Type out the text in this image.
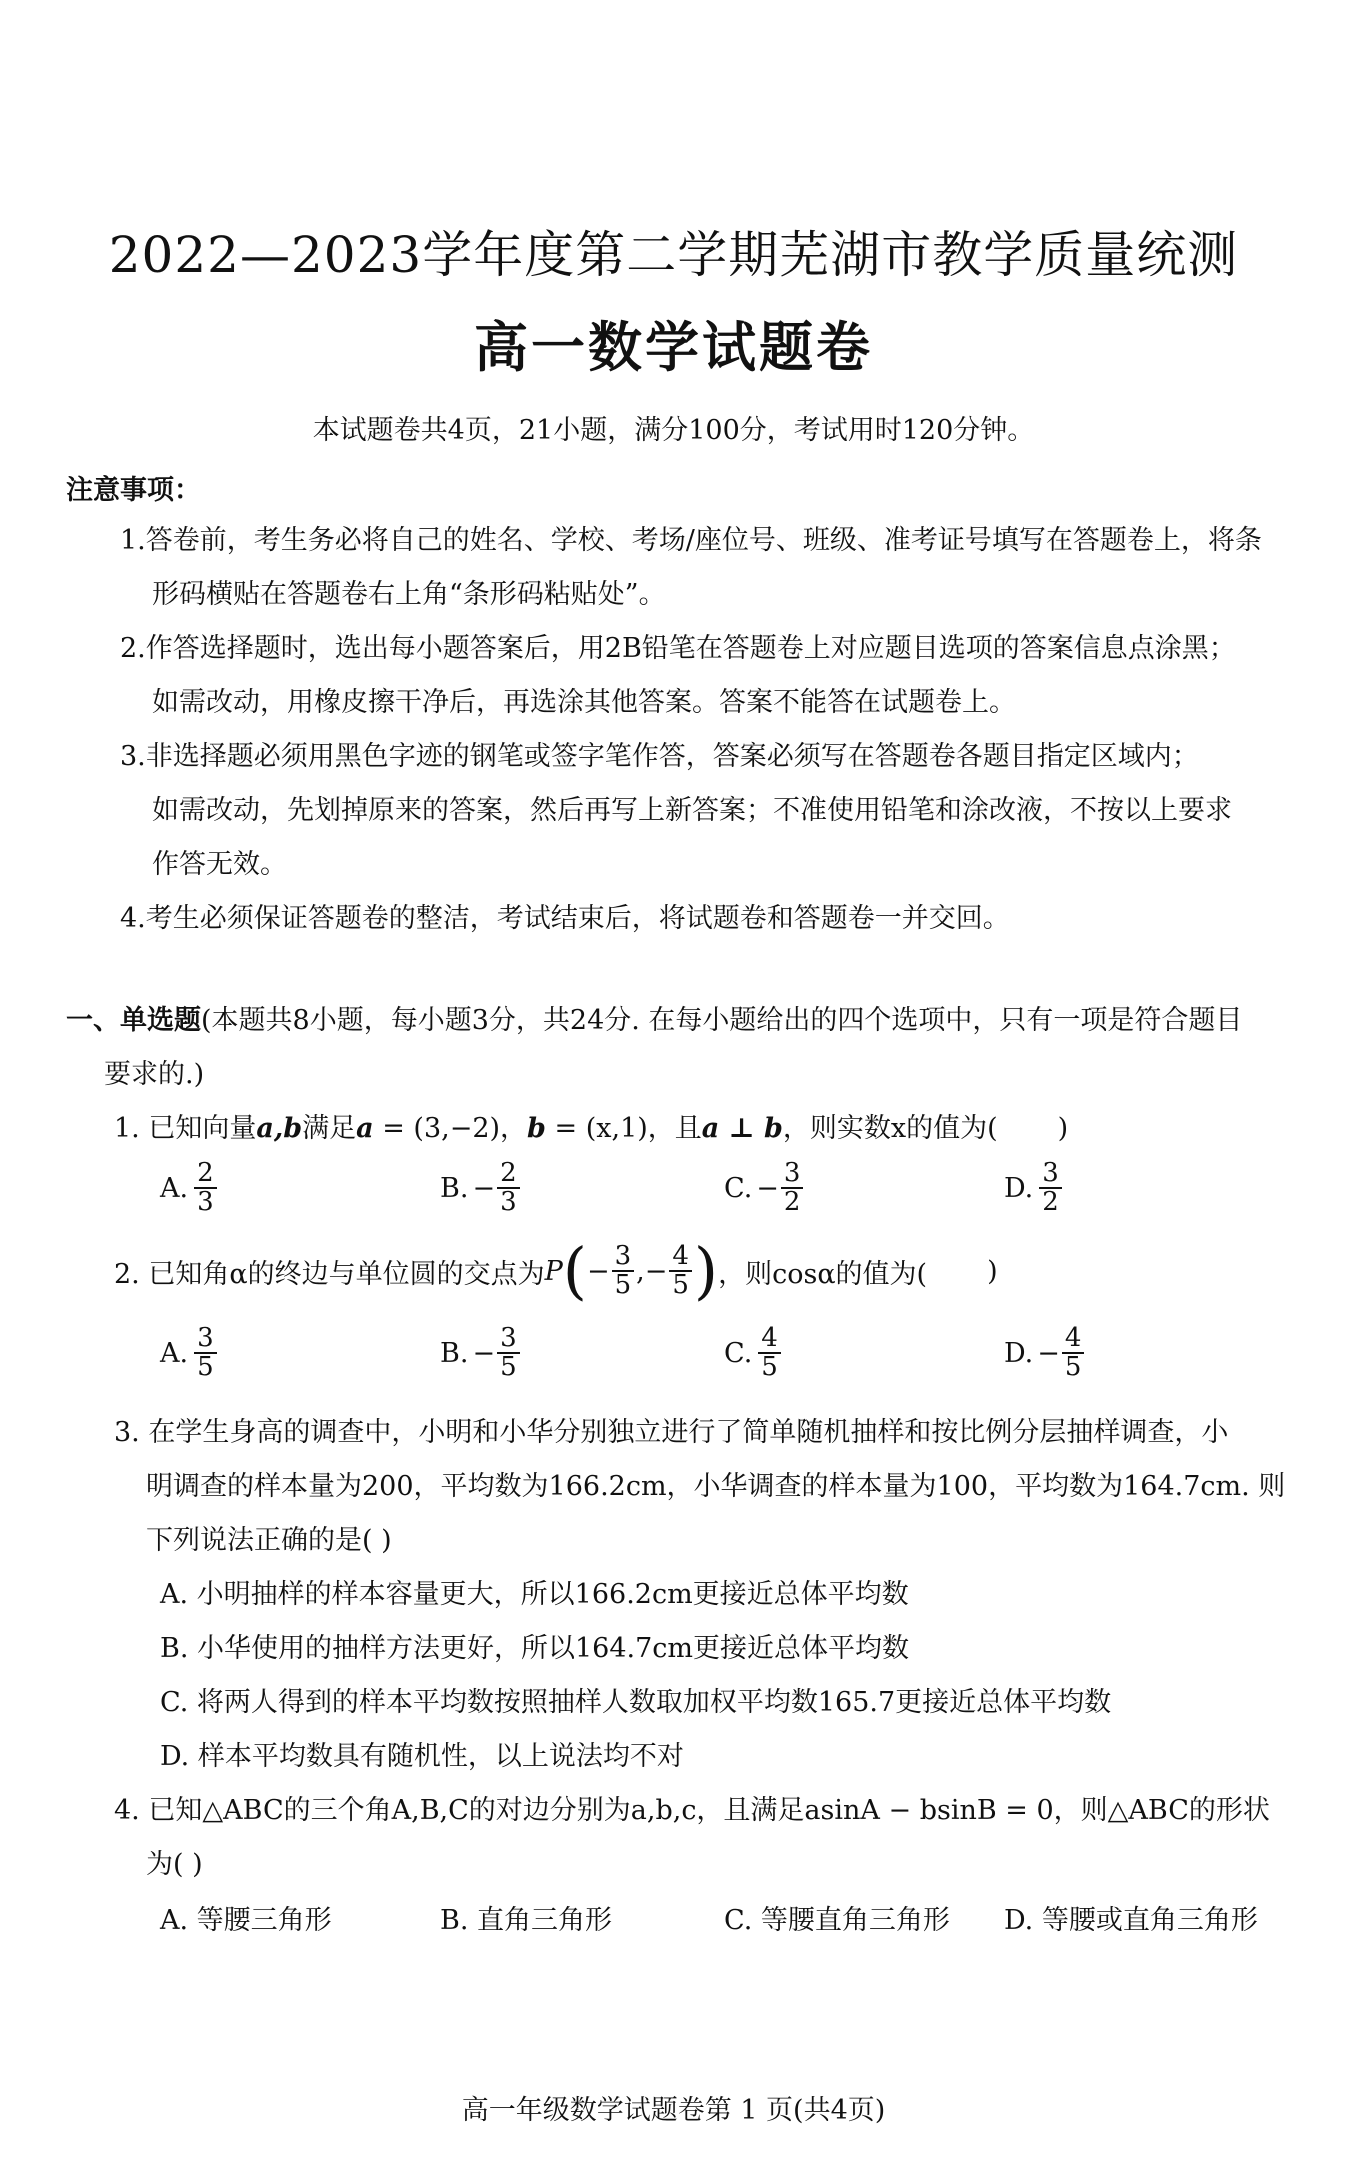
2022—2023学年度第二学期芜湖市教学质量统测
高一数学试题卷
本试题卷共4页，21小题，满分100分，考试用时120分钟。
注意事项：
1.答卷前，考生务必将自己的姓名、学校、考场/座位号、班级、准考证号填写在答题卷上，将条
形码横贴在答题卷右上角“条形码粘贴处”。
2.作答选择题时，选出每小题答案后，用2B铅笔在答题卷上对应题目选项的答案信息点涂黑；
如需改动，用橡皮擦干净后，再选涂其他答案。答案不能答在试题卷上。
3.非选择题必须用黑色字迹的钢笔或签字笔作答，答案必须写在答题卷各题目指定区域内；
如需改动，先划掉原来的答案，然后再写上新答案；不准使用铅笔和涂改液，不按以上要求
作答无效。
4.考生必须保证答题卷的整洁，考试结束后，将试题卷和答题卷一并交回。
一、单选题(本题共8小题，每小题3分，共24分. 在每小题给出的四个选项中，只有一项是符合题目
要求的.)
1. 已知向量a,b满足a = (3,−2)，b = (x,1)，且a ⊥ b，则实数x的值为( )
A. $\frac{2}{3}$	B. − $\frac{2}{3}$	C. − $\frac{3}{2}$	D. $\frac{3}{2}$
2. 已知角α的终边与单位圆的交点为 P ( − $\frac{3}{5}$ , − $\frac{4}{5}$ ) ，则cosα的值为( )
A. $\frac{3}{5}$	B. − $\frac{3}{5}$	C. $\frac{4}{5}$	D. − $\frac{4}{5}$
3. 在学生身高的调查中，小明和小华分别独立进行了简单随机抽样和按比例分层抽样调查，小
明调查的样本量为200，平均数为166.2cm，小华调查的样本量为100，平均数为164.7cm. 则
下列说法正确的是( )
A. 小明抽样的样本容量更大，所以166.2cm更接近总体平均数
B. 小华使用的抽样方法更好，所以164.7cm更接近总体平均数
C. 将两人得到的样本平均数按照抽样人数取加权平均数165.7更接近总体平均数
D. 样本平均数具有随机性，以上说法均不对
4. 已知△ABC的三个角A,B,C的对边分别为a,b,c，且满足asinA − bsinB = 0，则△ABC的形状
为( )
A. 等腰三角形	B. 直角三角形	C. 等腰直角三角形 D. 等腰或直角三角形
高一年级数学试题卷第 1 页(共4页)
